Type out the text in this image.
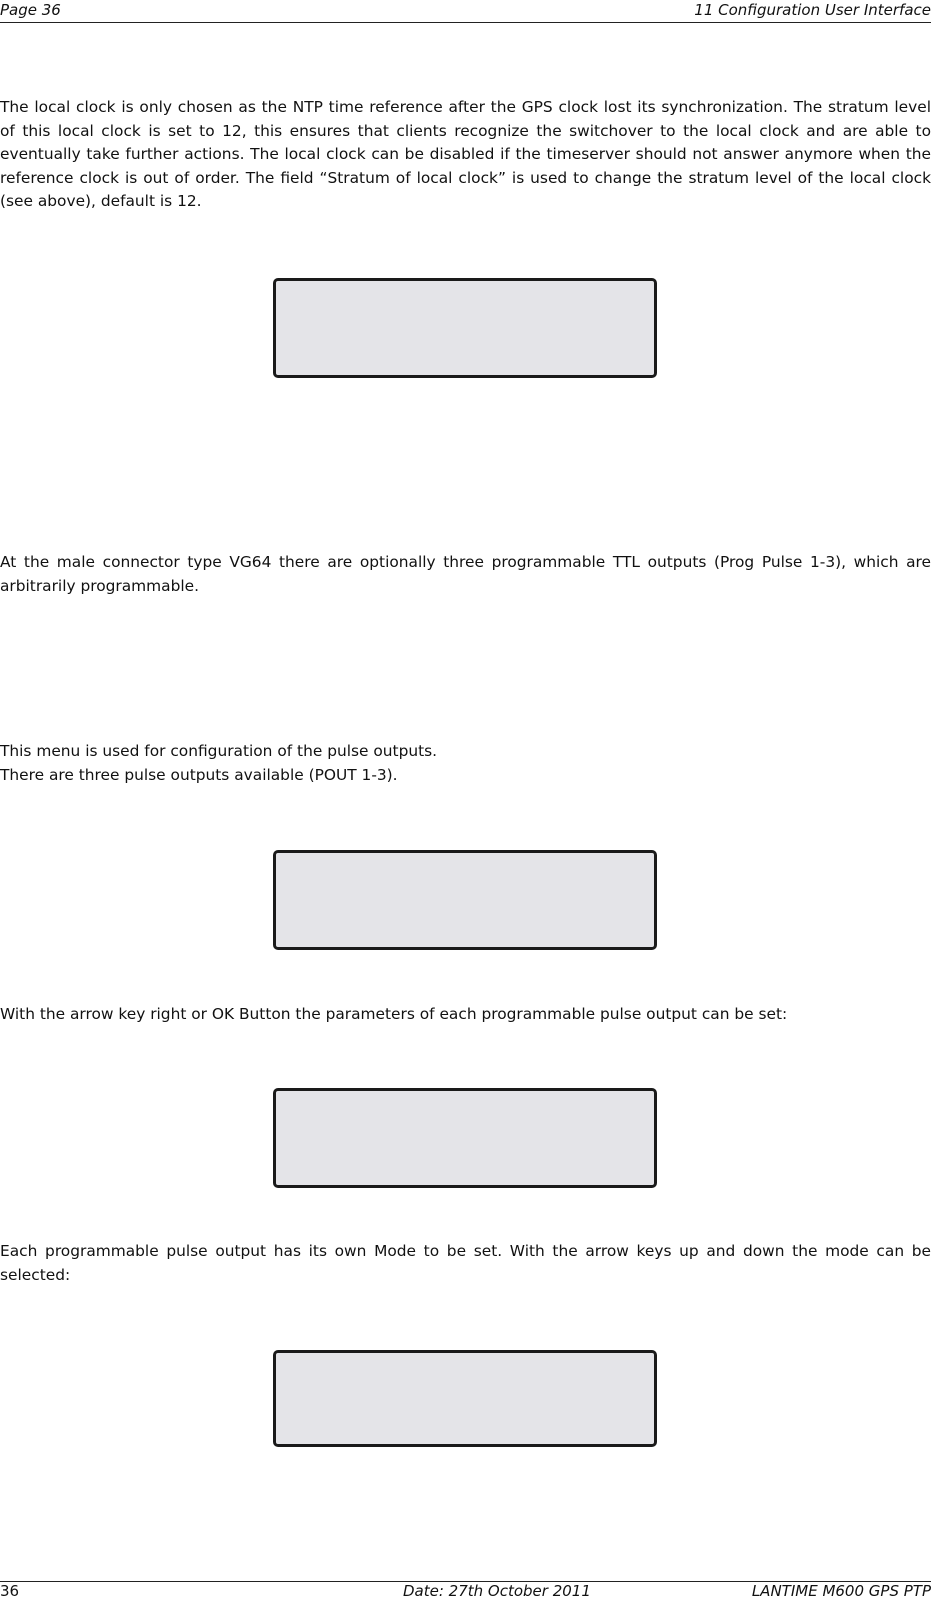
Page 36	11 Configuration User Interface

The local clock is only chosen as the NTP time reference after the GPS clock lost its synchronization. The stratum level of this local clock is set to 12, this ensures that clients recognize the switchover to the local clock and are able to eventually take further actions. The local clock can be disabled if the timeserver should not answer anymore when the reference clock is out of order. The field “Stratum of local clock” is used to change the stratum level of the local clock (see above), default is 12.

At the male connector type VG64 there are optionally three programmable TTL outputs (Prog Pulse 1-3), which are arbitrarily programmable.

This menu is used for configuration of the pulse outputs.
There are three pulse outputs available (POUT 1-3).

With the arrow key right or OK Button the parameters of each programmable pulse output can be set:

Each programmable pulse output has its own Mode to be set. With the arrow keys up and down the mode can be selected:

36	Date: 27th October 2011	LANTIME M600 GPS PTP
